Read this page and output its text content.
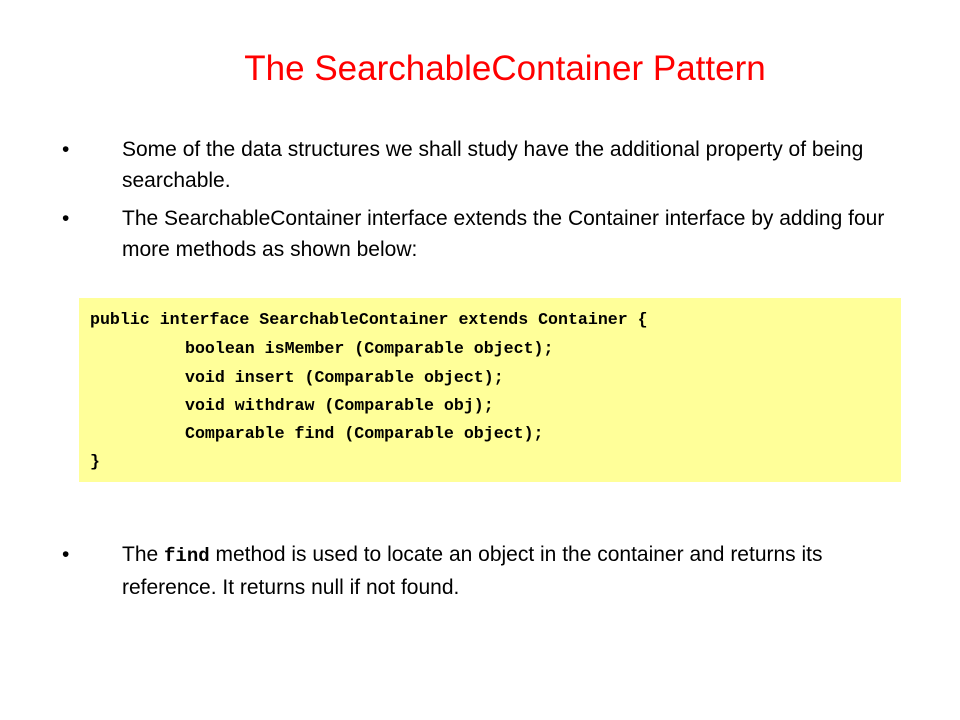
The SearchableContainer Pattern
•	Some of the data structures we shall study have the additional property of being searchable.
•	The SearchableContainer interface extends the Container interface by adding four more methods as shown below:
public interface SearchableContainer extends Container {
boolean isMember (Comparable object);
void insert (Comparable object);
void withdraw (Comparable obj);
Comparable find (Comparable object);
}
•	The find method is used to locate an object in the container and returns its reference. It returns null if not found.
